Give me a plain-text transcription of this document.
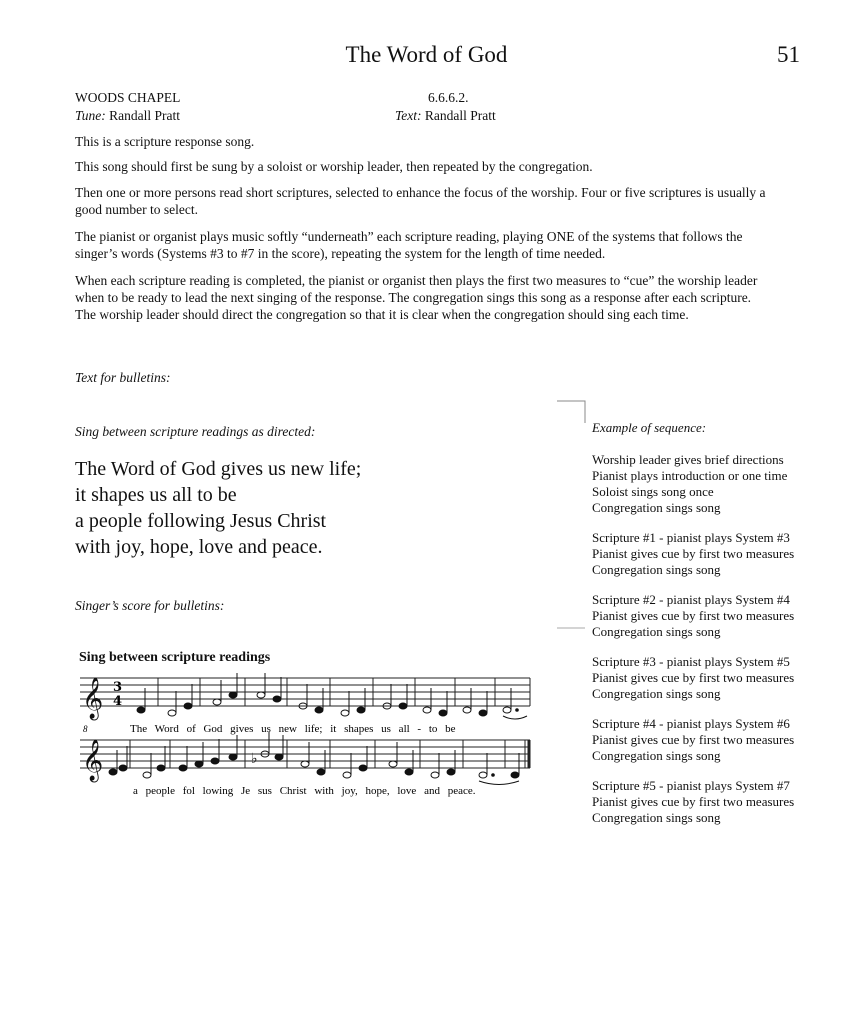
The Word of God	51
WOODS CHAPEL	6.6.6.2.
Tune: Randall Pratt	Text: Randall Pratt

This is a scripture response song.

This song should first be sung by a soloist or worship leader, then repeated by the congregation.

Then one or more persons read short scriptures, selected to enhance the focus of the worship. Four or five scriptures is usually a good number to select.

The pianist or organist plays music softly “underneath” each scripture reading, playing ONE of the systems that follows the singer’s words (Systems #3 to #7 in the score), repeating the system for the length of time needed.

When each scripture reading is completed, the pianist or organist then plays the first two measures to “cue” the worship leader when to be ready to lead the next singing of the response. The congregation sings this song as a response after each scripture. The worship leader should direct the congregation so that it is clear when the congregation should sing each time.

Text for bulletins:
Sing between scripture readings as directed:
The Word of God gives us new life;
it shapes us all to be
a people following Jesus Christ
with joy, hope, love and peace.
Singer’s score for bulletins:
Sing between scripture readings
𝄞 3
4
The Word of God gives us new life; it shapes us all - to be
8
𝄞	♭
a people fol lowing Je sus Christ with joy, hope, love and peace.
Example of sequence:
Worship leader gives brief directions
Pianist plays introduction or one time
Soloist sings song once
Congregation sings song
Scripture #1 - pianist plays System #3
Pianist gives cue by first two measures
Congregation sings song
Scripture #2 - pianist plays System #4
Pianist gives cue by first two measures
Congregation sings song
Scripture #3 - pianist plays System #5
Pianist gives cue by first two measures
Congregation sings song
Scripture #4 - pianist plays System #6
Pianist gives cue by first two measures
Congregation sings song
Scripture #5 - pianist plays System #7
Pianist gives cue by first two measures
Congregation sings song
